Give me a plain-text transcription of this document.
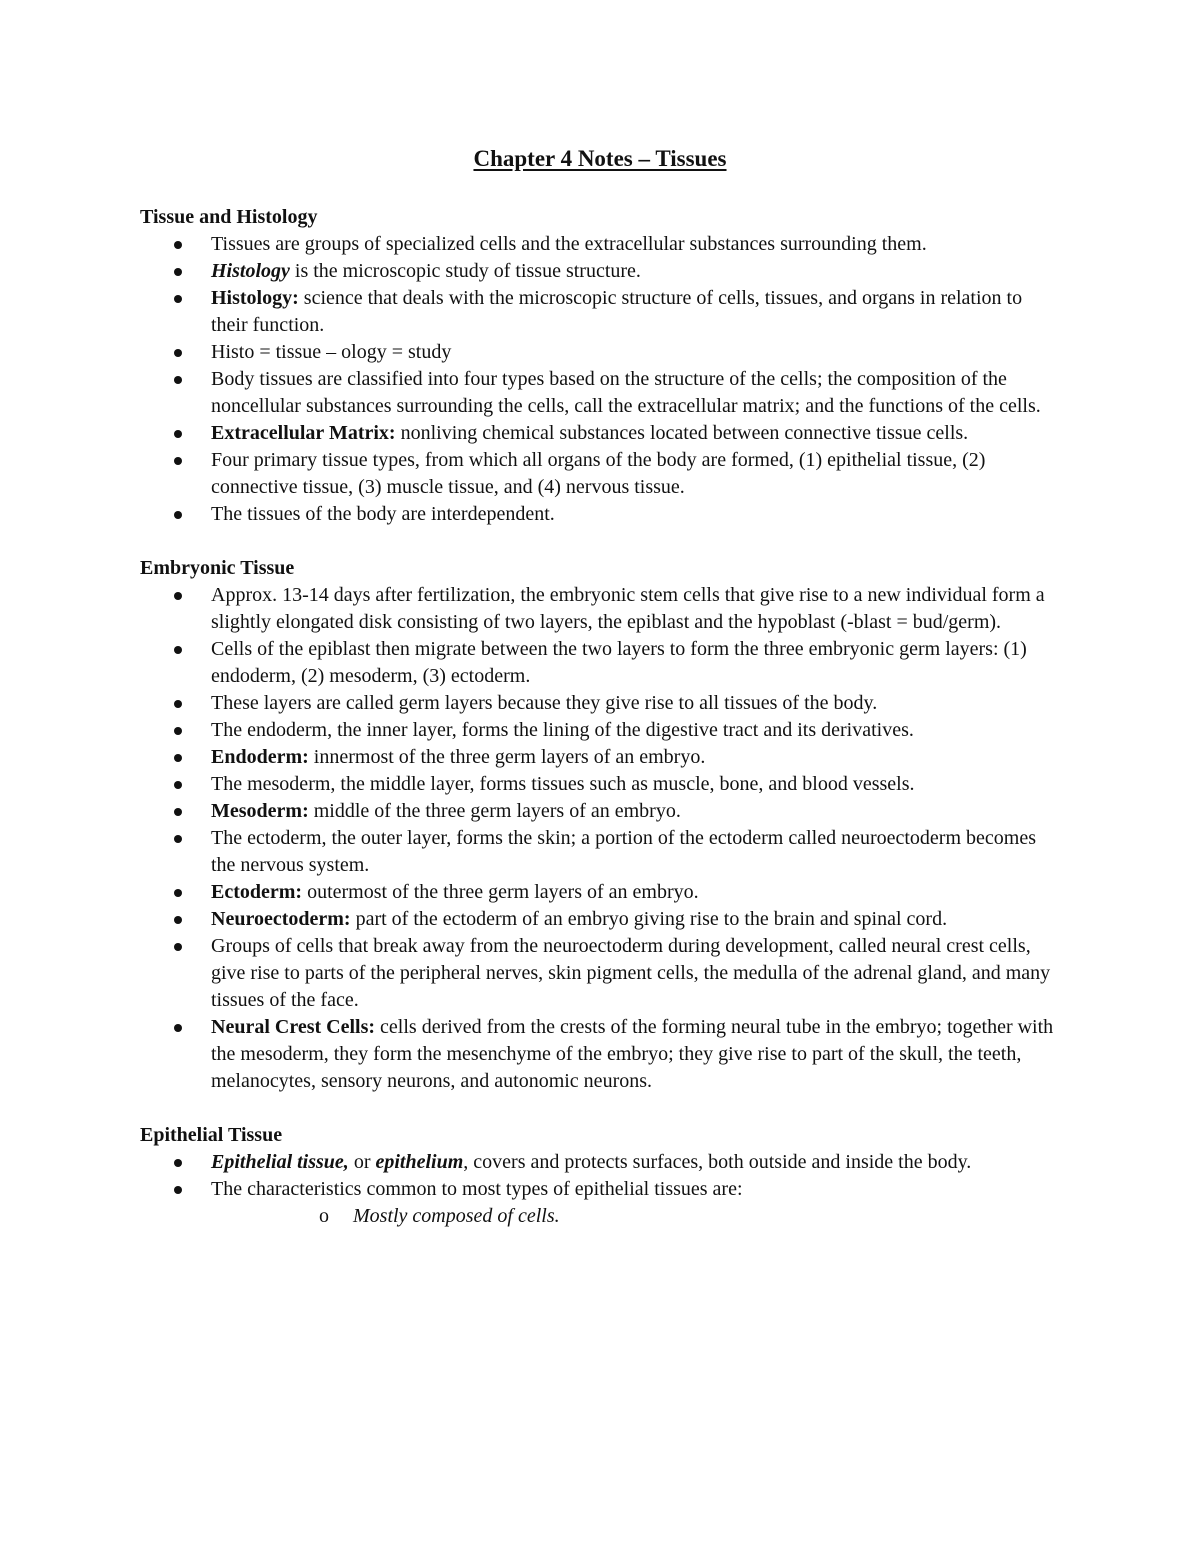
Chapter 4 Notes – Tissues
Tissue and Histology
Tissues are groups of specialized cells and the extracellular substances surrounding them.
Histology is the microscopic study of tissue structure.
Histology: science that deals with the microscopic structure of cells, tissues, and organs in relation to their function.
Histo = tissue – ology = study
Body tissues are classified into four types based on the structure of the cells; the composition of the noncellular substances surrounding the cells, call the extracellular matrix; and the functions of the cells.
Extracellular Matrix: nonliving chemical substances located between connective tissue cells.
Four primary tissue types, from which all organs of the body are formed, (1) epithelial tissue, (2) connective tissue, (3) muscle tissue, and (4) nervous tissue.
The tissues of the body are interdependent.
Embryonic Tissue
Approx. 13-14 days after fertilization, the embryonic stem cells that give rise to a new individual form a slightly elongated disk consisting of two layers, the epiblast and the hypoblast (-blast = bud/germ).
Cells of the epiblast then migrate between the two layers to form the three embryonic germ layers: (1) endoderm, (2) mesoderm, (3) ectoderm.
These layers are called germ layers because they give rise to all tissues of the body.
The endoderm, the inner layer, forms the lining of the digestive tract and its derivatives.
Endoderm: innermost of the three germ layers of an embryo.
The mesoderm, the middle layer, forms tissues such as muscle, bone, and blood vessels.
Mesoderm: middle of the three germ layers of an embryo.
The ectoderm, the outer layer, forms the skin; a portion of the ectoderm called neuroectoderm becomes the nervous system.
Ectoderm: outermost of the three germ layers of an embryo.
Neuroectoderm: part of the ectoderm of an embryo giving rise to the brain and spinal cord.
Groups of cells that break away from the neuroectoderm during development, called neural crest cells, give rise to parts of the peripheral nerves, skin pigment cells, the medulla of the adrenal gland, and many tissues of the face.
Neural Crest Cells: cells derived from the crests of the forming neural tube in the embryo; together with the mesoderm, they form the mesenchyme of the embryo; they give rise to part of the skull, the teeth, melanocytes, sensory neurons, and autonomic neurons.
Epithelial Tissue
Epithelial tissue, or epithelium, covers and protects surfaces, both outside and inside the body.
The characteristics common to most types of epithelial tissues are:
o Mostly composed of cells.
